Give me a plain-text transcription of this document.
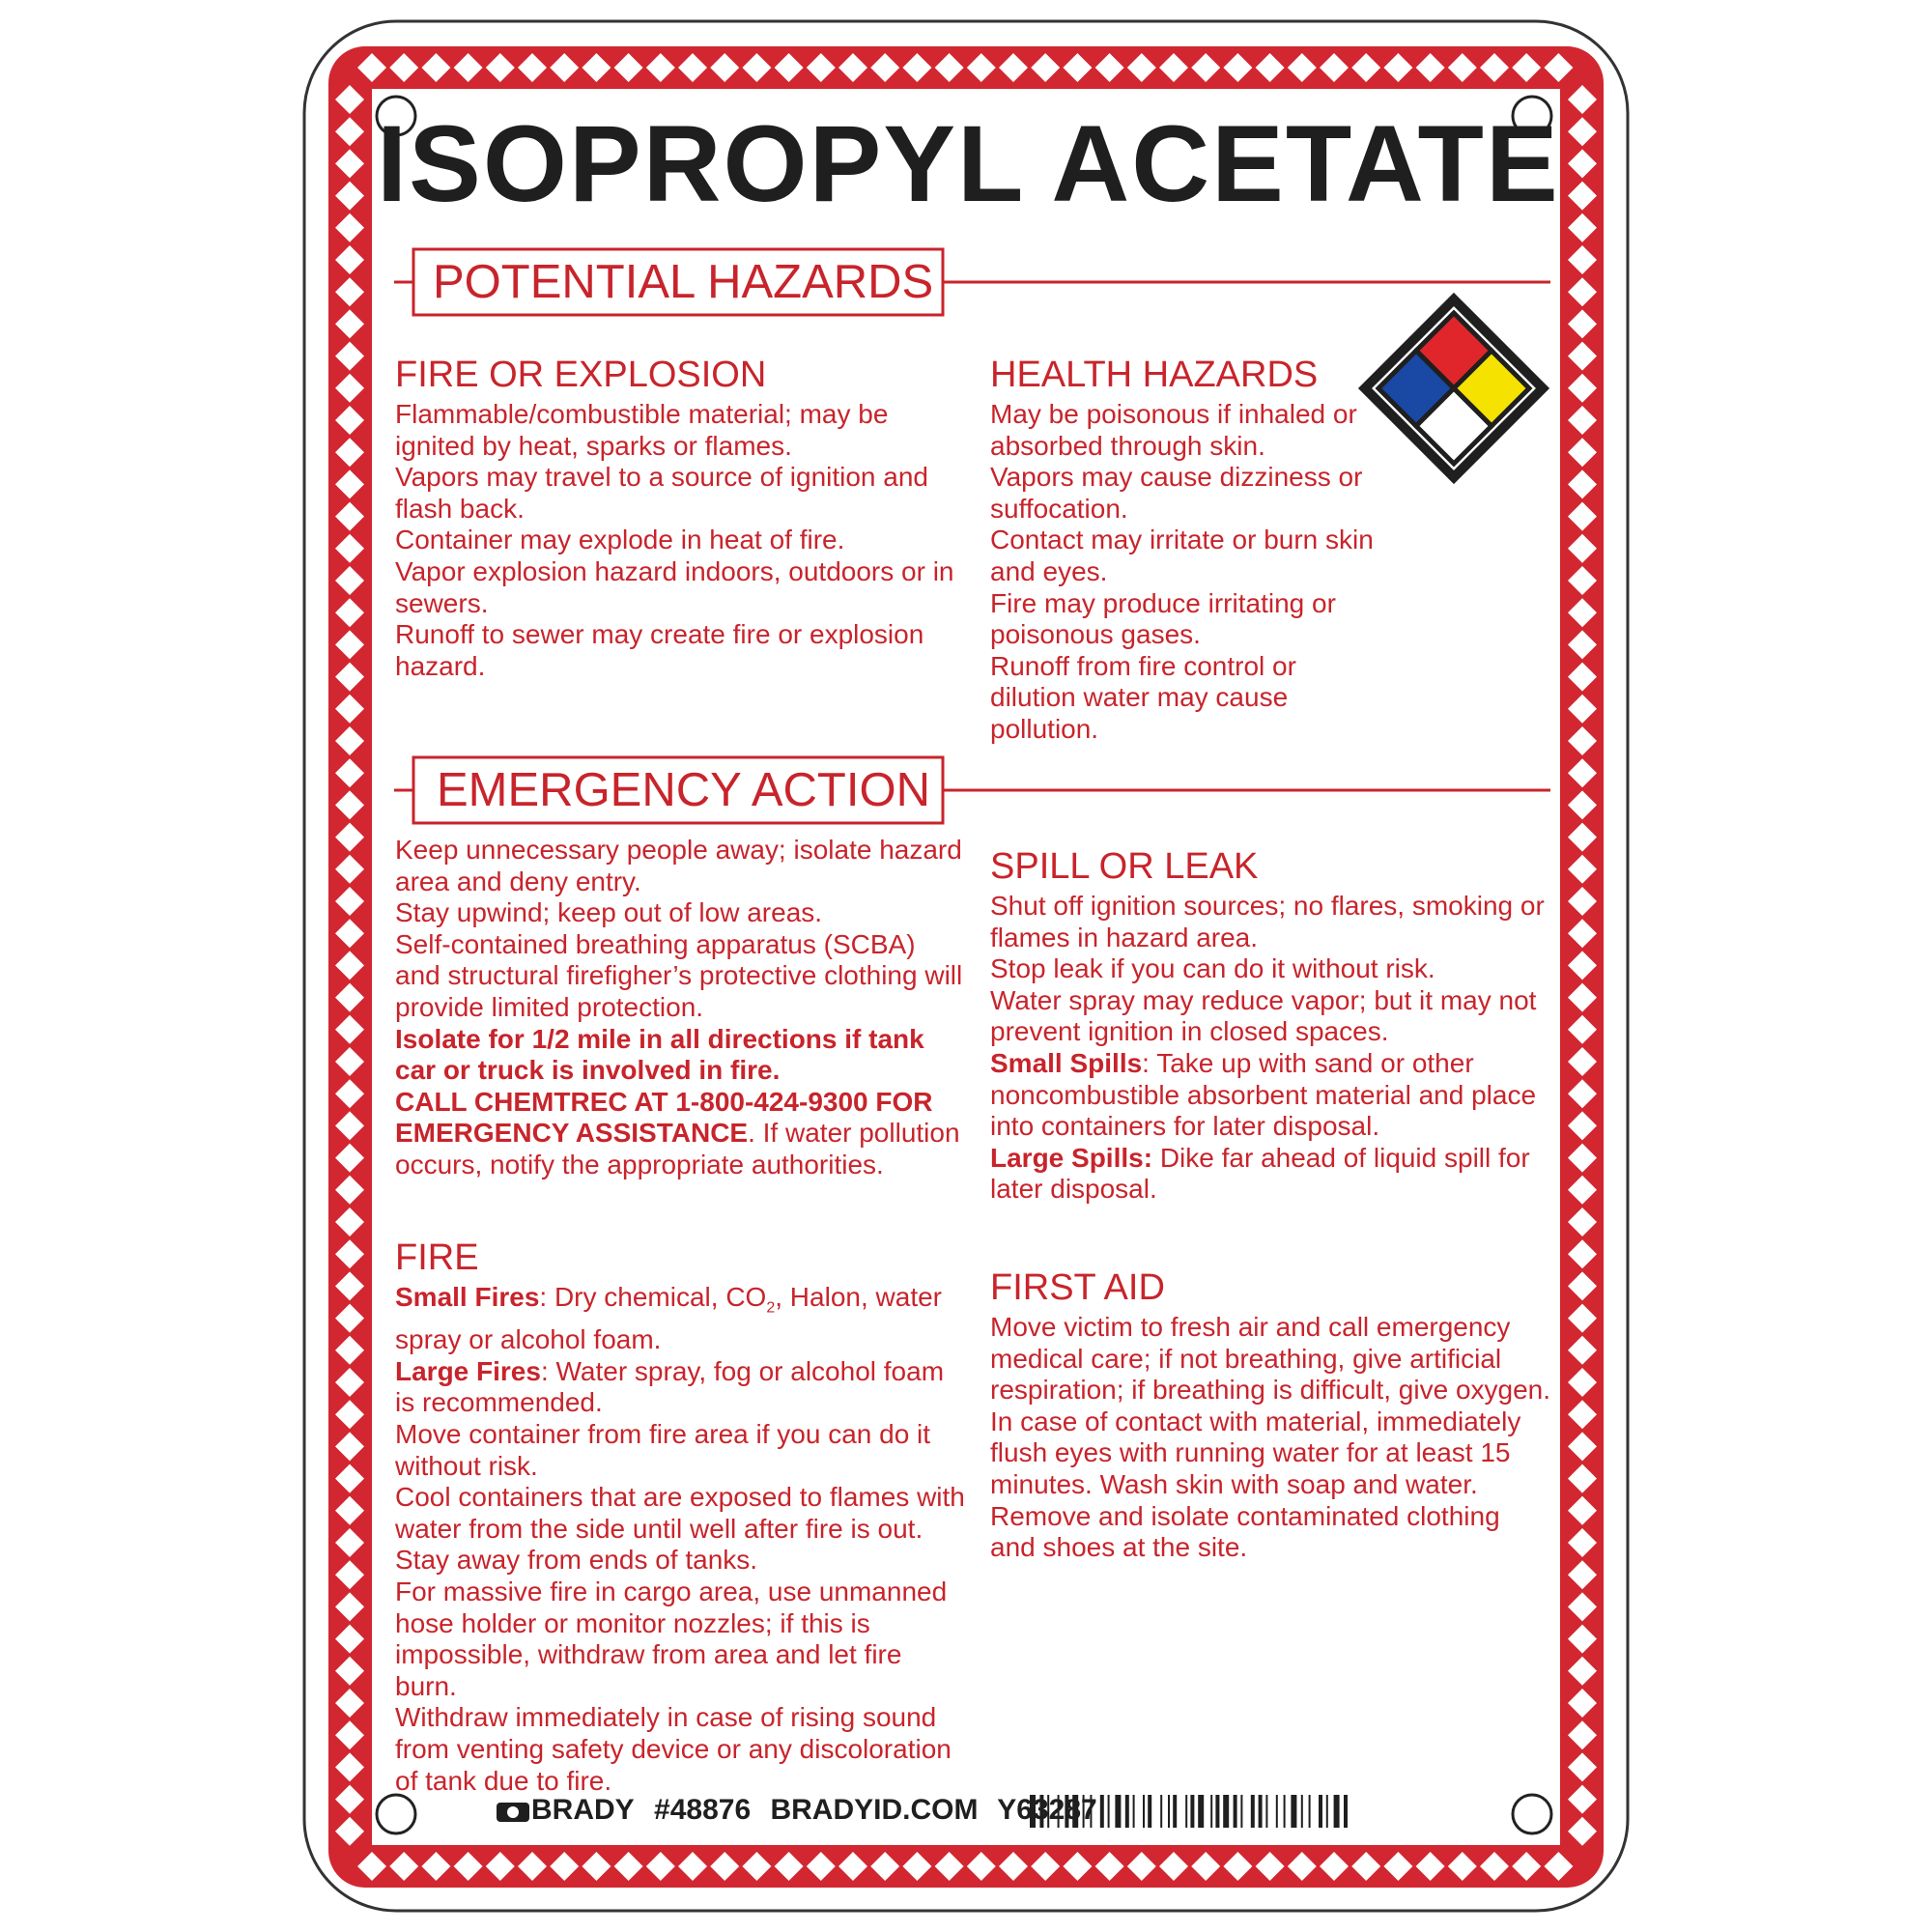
ISOPROPYL ACETATE
POTENTIAL HAZARDS
EMERGENCY ACTION
FIRE OR EXPLOSION

Flammable/combustible material; may be ignited by heat, sparks or flames.

Vapors may travel to a source of ignition and flash back.

Container may explode in heat of fire.

Vapor explosion hazard indoors, outdoors or in sewers.

Runoff to sewer may create fire or explosion hazard.

HEALTH HAZARDS

May be poisonous if inhaled or absorbed through skin.

Vapors may cause dizziness or suffocation.

Contact may irritate or burn skin and eyes.

Fire may produce irritating or poisonous gases.

Runoff from fire control or dilution water may cause pollution.

Keep unnecessary people away; isolate hazard area and deny entry.

Stay upwind; keep out of low areas.

Self-contained breathing apparatus (SCBA) and structural firefigher’s protective clothing will provide limited protection.

Isolate for 1/2 mile in all directions if tank car or truck is involved in fire.

CALL CHEMTREC AT 1-800-424-9300 FOR EMERGENCY ASSISTANCE. If water pollution occurs, notify the appropriate authorities.

FIRE

Small Fires: Dry chemical, $CO_2$, Halon, water spray or alcohol foam.

Large Fires: Water spray, fog or alcohol foam is recommended.

Move container from fire area if you can do it without risk.

Cool containers that are exposed to flames with water from the side until well after fire is out. Stay away from ends of tanks.

For massive fire in cargo area, use unmanned hose holder or monitor nozzles; if this is impossible, withdraw from area and let fire burn.

Withdraw immediately in case of rising sound from venting safety device or any discoloration of tank due to fire.

SPILL OR LEAK

Shut off ignition sources; no flares, smoking or flames in hazard area.

Stop leak if you can do it without risk.

Water spray may reduce vapor; but it may not prevent ignition in closed spaces.

Small Spills: Take up with sand or other noncombustible absorbent material and place into containers for later disposal.

Large Spills: Dike far ahead of liquid spill for later disposal.

FIRST AID
Move victim to fresh air and call emergency medical care; if not breathing, give artificial respiration; if breathing is difficult, give oxygen. In case of contact with material, immediately flush eyes with running water for at least 15 minutes. Wash skin with soap and water. Remove and isolate contaminated clothing and shoes at the site.
BRADY #48876 BRADYID.COM Y63287
